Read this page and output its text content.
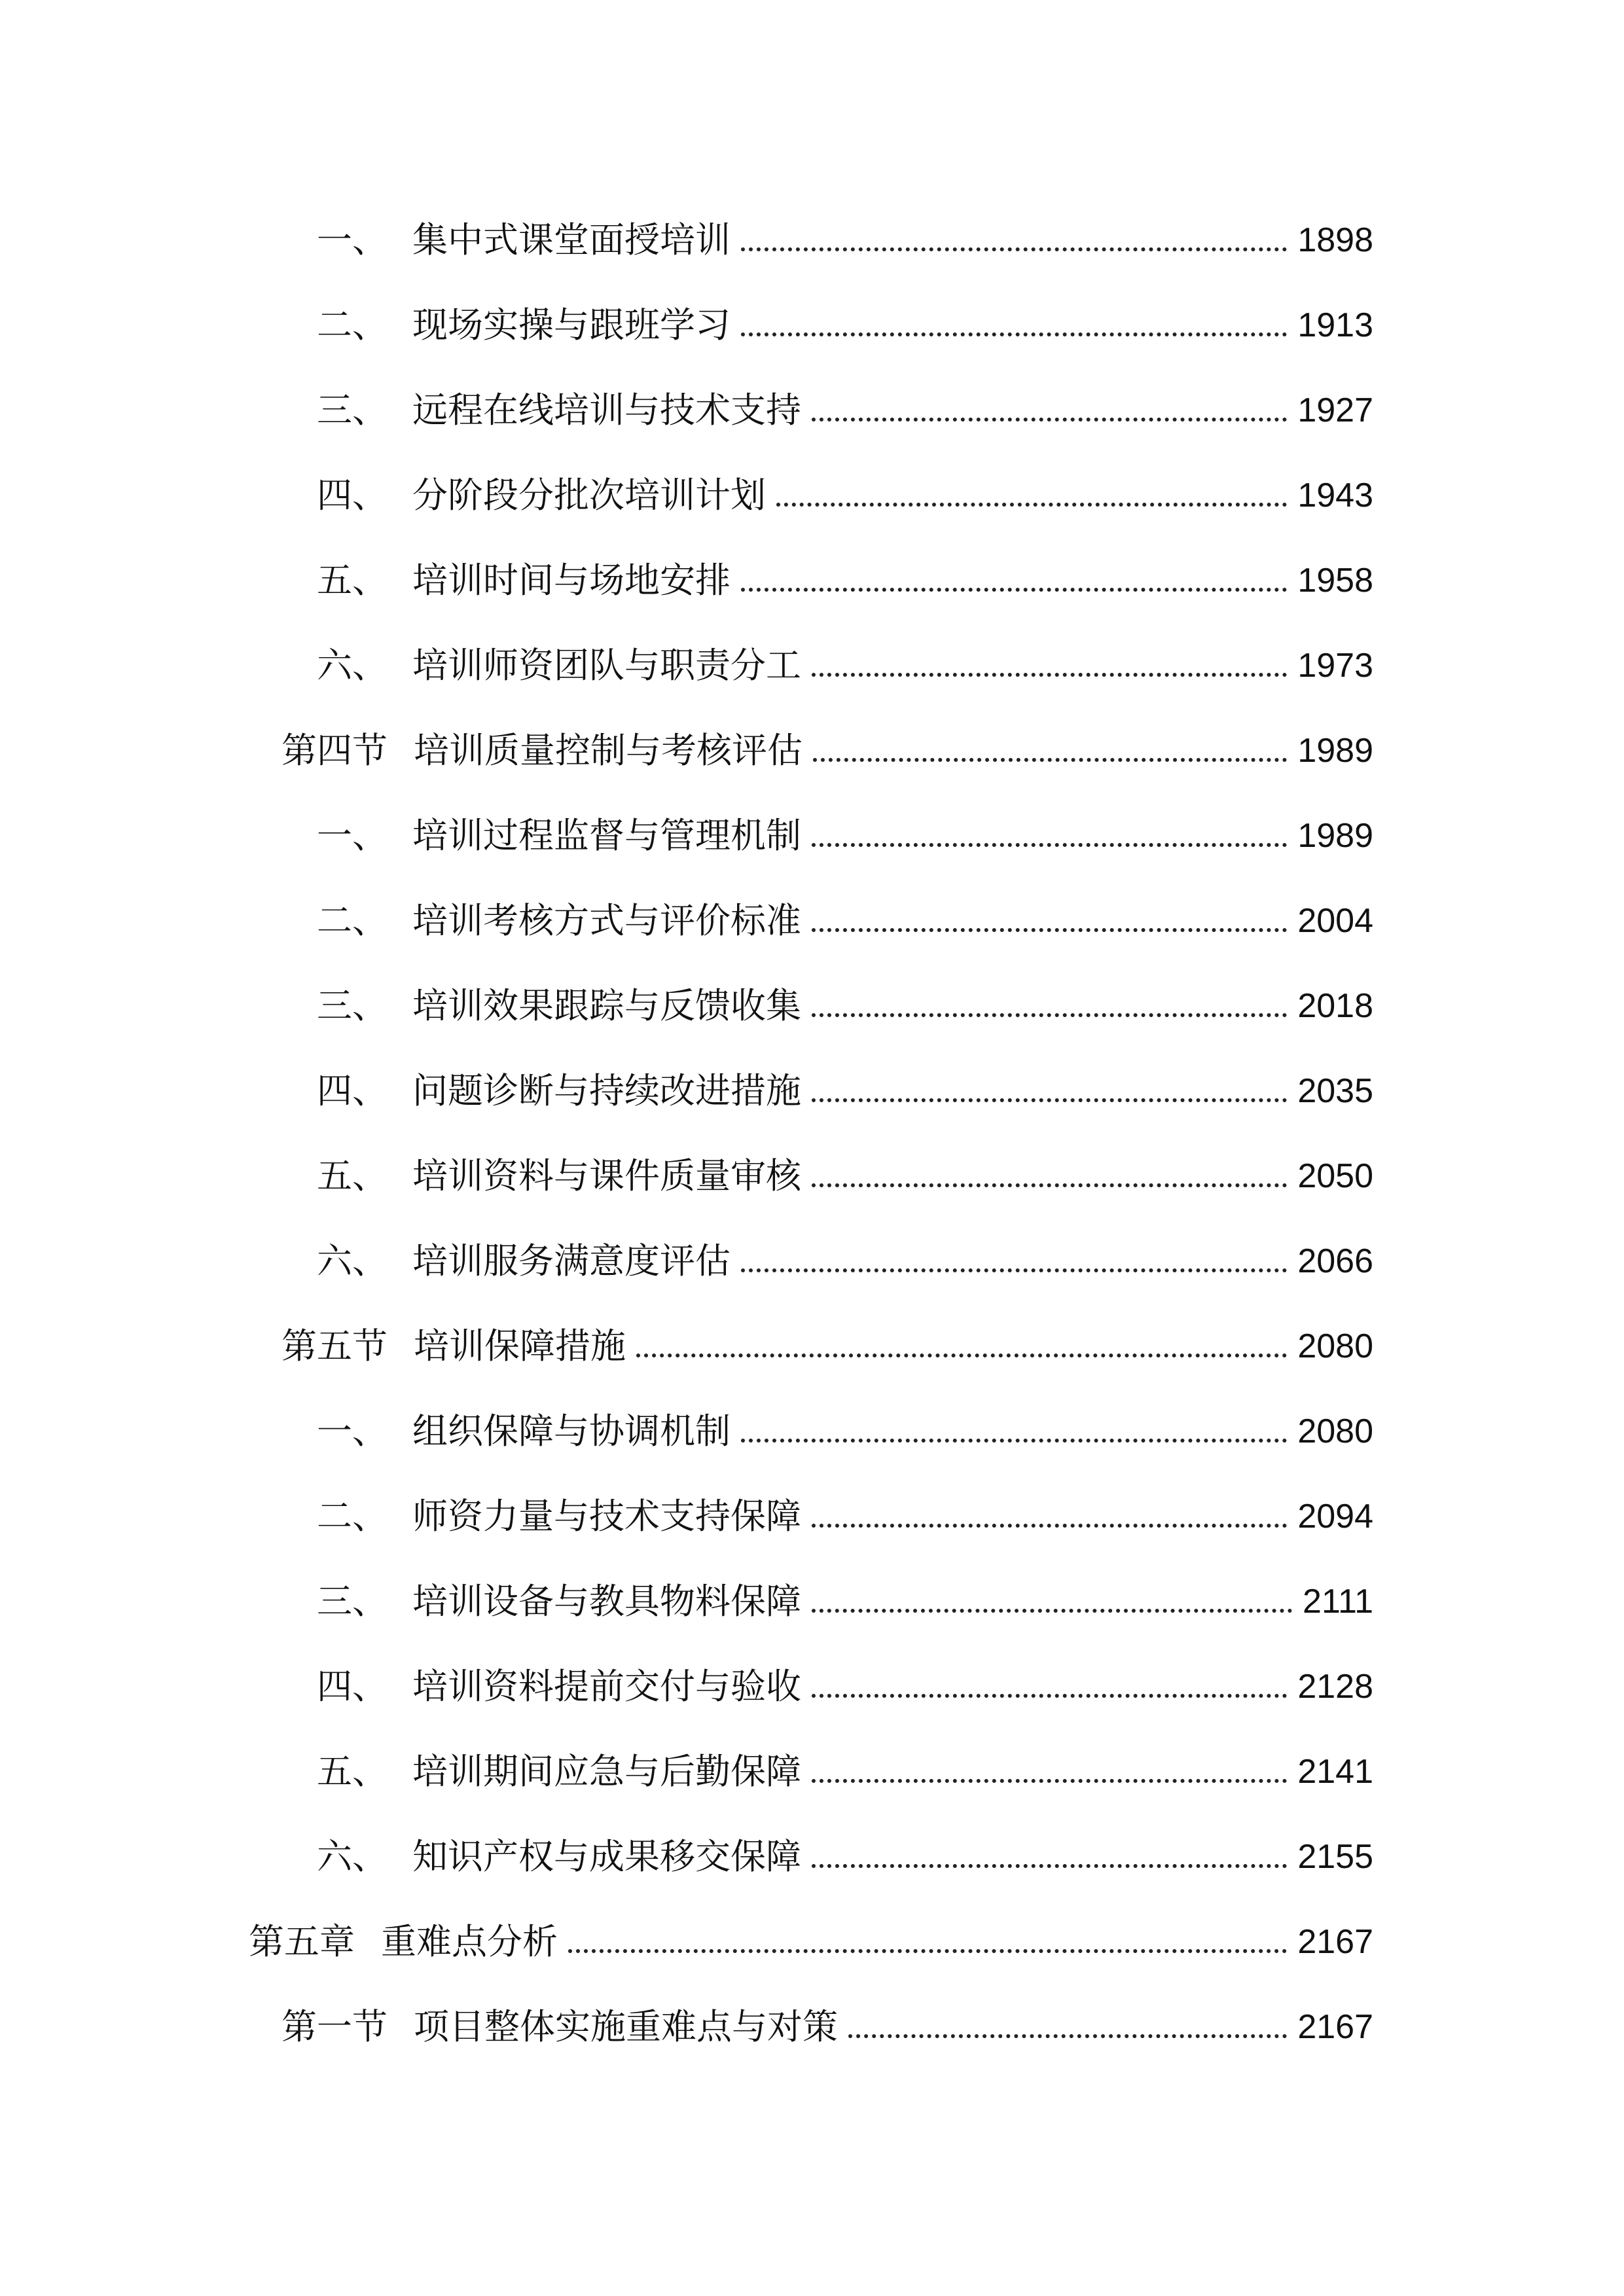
一、 集中式课堂面授培训	1898
二、 现场实操与跟班学习	1913
三、 远程在线培训与技术支持	1927
四、 分阶段分批次培训计划	1943
五、 培训时间与场地安排	1958
六、 培训师资团队与职责分工	1973
第四节 培训质量控制与考核评估	1989
一、 培训过程监督与管理机制	1989
二、 培训考核方式与评价标准	2004
三、 培训效果跟踪与反馈收集	2018
四、 问题诊断与持续改进措施	2035
五、 培训资料与课件质量审核	2050
六、 培训服务满意度评估	2066
第五节 培训保障措施	2080
一、 组织保障与协调机制	2080
二、 师资力量与技术支持保障	2094
三、 培训设备与教具物料保障	2111
四、 培训资料提前交付与验收	2128
五、 培训期间应急与后勤保障	2141
六、 知识产权与成果移交保障	2155
第五章 重难点分析	2167
第一节 项目整体实施重难点与对策	2167
